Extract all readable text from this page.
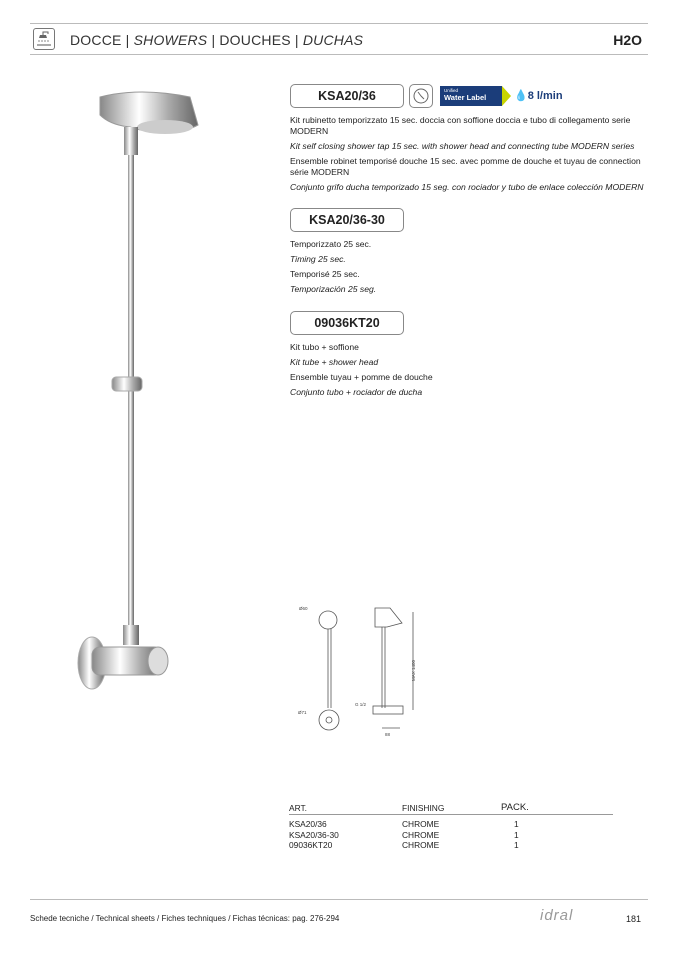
DOCCE | SHOWERS | DOUCHES | DUCHAS	H2O
KSA20/36	Unified
Water Label	💧8 l/min

Kit rubinetto temporizzato 15 sec. doccia con soffione doccia e tubo di collegamento serie MODERN

Kit self closing shower tap 15 sec. with shower head and connecting tube MODERN series

Ensemble robinet temporisé douche 15 sec. avec pomme de douche et tuyau de connection série MODERN

Conjunto grifo ducha temporizado 15 seg. con rociador y tubo de enlace colección MODERN

KSA20/36-30

Temporizzato 25 sec.

Timing 25 sec.

Temporisé 25 sec.

Temporización 25 seg.

09036KT20

Kit tubo + soffione

Kit tube + shower head

Ensemble tuyau + pomme de douche

Conjunto tubo + rociador de ducha

Ø60
Ø71
G 1/2
MAX 1400
88
ART.	FINISHING	PACK.
KSA20/36	CHROME	1
KSA20/36-30	CHROME	1
09036KT20	CHROME	1
Schede tecniche / Technical sheets / Fiches techniques / Fichas técnicas: pag. 276-294	idral	181
